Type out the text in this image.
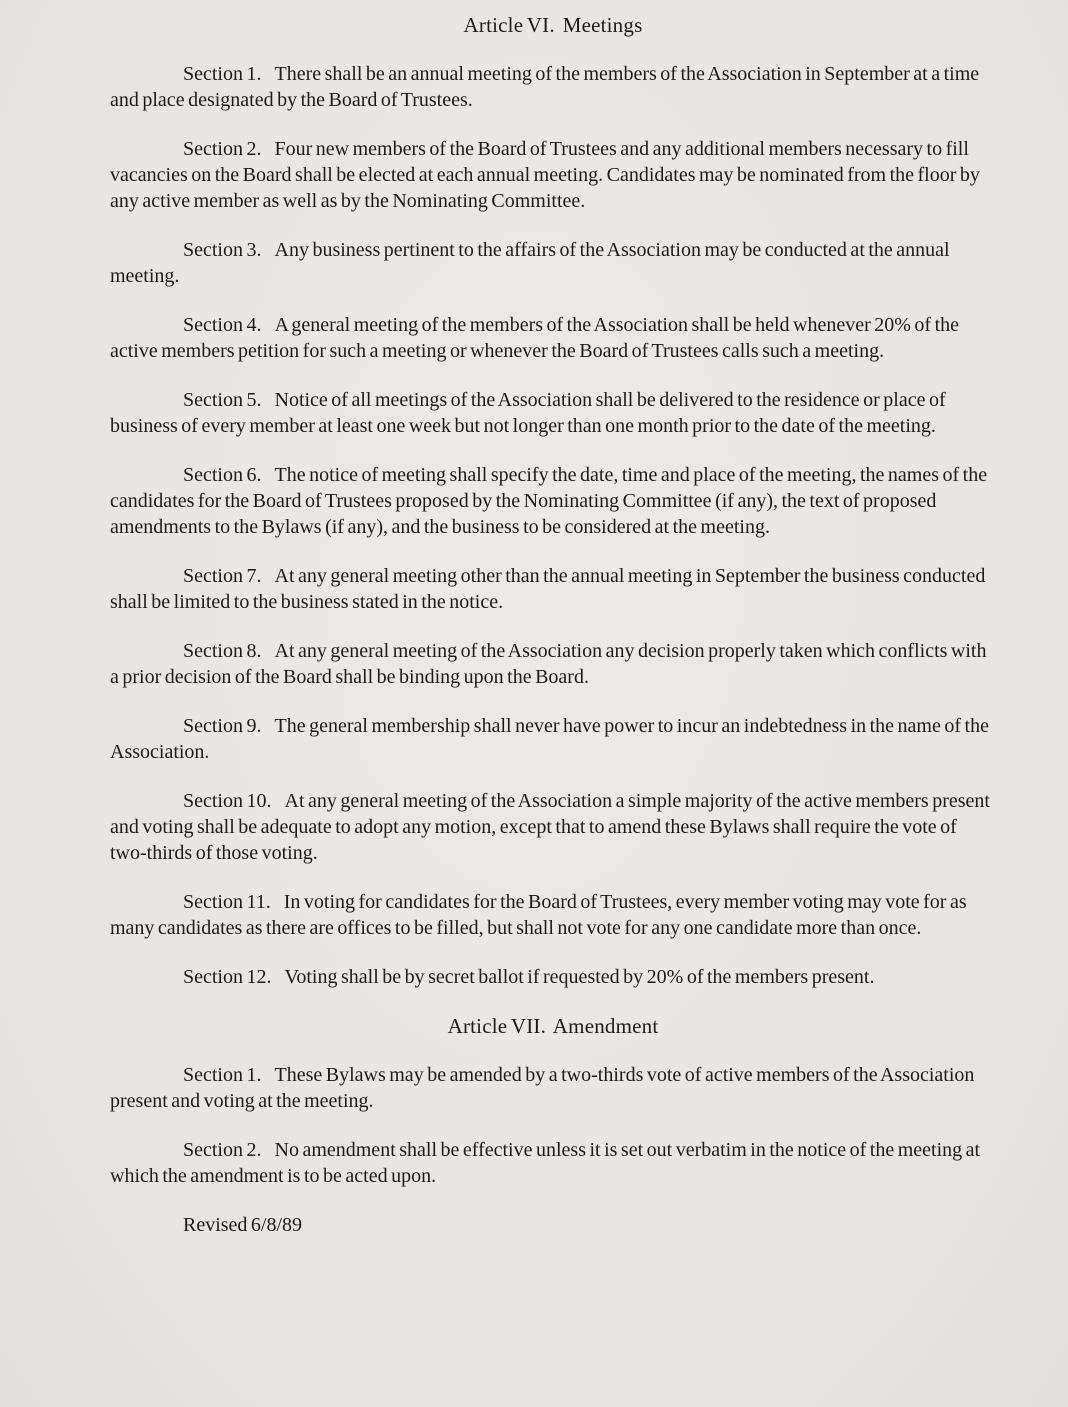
Article VI.  Meetings

Section 1. There shall be an annual meeting of the members of the Association in September at a time and place designated by the Board of Trustees.

Section 2. Four new members of the Board of Trustees and any additional members necessary to fill vacancies on the Board shall be elected at each annual meeting. Candidates may be nominated from the floor by any active member as well as by the Nominating Committee.

Section 3. Any business pertinent to the affairs of the Association may be conducted at the annual meeting.

Section 4. A general meeting of the members of the Association shall be held whenever 20% of the active members petition for such a meeting or whenever the Board of Trustees calls such a meeting.

Section 5. Notice of all meetings of the Association shall be delivered to the residence or place of business of every member at least one week but not longer than one month prior to the date of the meeting.

Section 6. The notice of meeting shall specify the date, time and place of the meeting, the names of the candidates for the Board of Trustees proposed by the Nominating Committee (if any), the text of proposed amendments to the Bylaws (if any), and the business to be considered at the meeting.

Section 7. At any general meeting other than the annual meeting in September the business conducted shall be limited to the business stated in the notice.

Section 8. At any general meeting of the Association any decision properly taken which conflicts with a prior decision of the Board shall be binding upon the Board.

Section 9. The general membership shall never have power to incur an indebtedness in the name of the Association.

Section 10. At any general meeting of the Association a simple majority of the active members present and voting shall be adequate to adopt any motion, except that to amend these Bylaws shall require the vote of two-thirds of those voting.

Section 11. In voting for candidates for the Board of Trustees, every member voting may vote for as many candidates as there are offices to be filled, but shall not vote for any one candidate more than once.

Section 12. Voting shall be by secret ballot if requested by 20% of the members present.

Article VII.  Amendment

Section 1. These Bylaws may be amended by a two-thirds vote of active members of the Association present and voting at the meeting.

Section 2. No amendment shall be effective unless it is set out verbatim in the notice of the meeting at which the amendment is to be acted upon.

Revised 6/8/89
